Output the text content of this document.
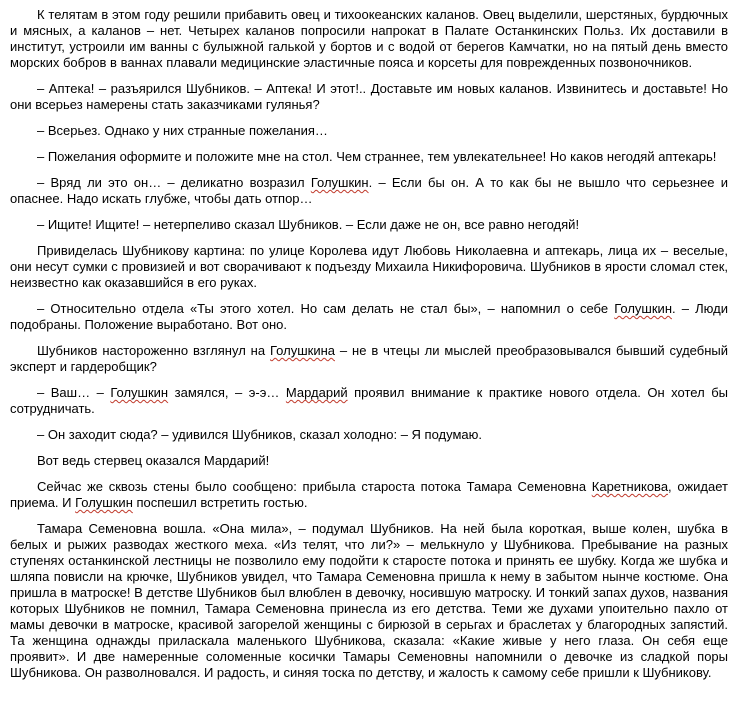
К телятам в этом году решили прибавить овец и тихоокеанских каланов. Овец выделили, шерстяных, бурдючных и мясных, а каланов – нет. Четырех каланов попросили напрокат в Палате Останкинских Польз. Их доставили в институт, устроили им ванны с булыжной галькой у бортов и с водой от берегов Камчатки, но на пятый день вместо морских бобров в ваннах плавали медицинские эластичные пояса и корсеты для поврежденных позвоночников.

– Аптека! – разъярился Шубников. – Аптека! И этот!.. Доставьте им новых каланов. Извинитесь и доставьте! Но они всерьез намерены стать заказчиками гулянья?

– Всерьез. Однако у них странные пожелания…

– Пожелания оформите и положите мне на стол. Чем страннее, тем увлекательнее! Но каков негодяй аптекарь!

– Вряд ли это он… – деликатно возразил Голушкин. – Если бы он. А то как бы не вышло что серьезнее и опаснее. Надо искать глубже, чтобы дать отпор…

– Ищите! Ищите! – нетерпеливо сказал Шубников. – Если даже не он, все равно негодяй!

Привиделась Шубникову картина: по улице Королева идут Любовь Николаевна и аптекарь, лица их – веселые, они несут сумки с провизией и вот сворачивают к подъезду Михаила Никифоровича. Шубников в ярости сломал стек, неизвестно как оказавшийся в его руках.

– Относительно отдела «Ты этого хотел. Но сам делать не стал бы», – напомнил о себе Голушкин. – Люди подобраны. Положение выработано. Вот оно.

Шубников настороженно взглянул на Голушкина – не в чтецы ли мыслей преобразовывался бывший судебный эксперт и гардеробщик?

– Ваш… – Голушкин замялся, – э-э… Мардарий проявил внимание к практике нового отдела. Он хотел бы сотрудничать.

– Он заходит сюда? – удивился Шубников, сказал холодно: – Я подумаю.

Вот ведь стервец оказался Мардарий!

Сейчас же сквозь стены было сообщено: прибыла староста потока Тамара Семеновна Каретникова, ожидает приема. И Голушкин поспешил встретить гостью.

Тамара Семеновна вошла. «Она мила», – подумал Шубников. На ней была короткая, выше колен, шубка в белых и рыжих разводах жесткого меха. «Из телят, что ли?» – мелькнуло у Шубникова. Пребывание на разных ступенях останкинской лестницы не позволило ему подойти к старосте потока и принять ее шубку. Когда же шубка и шляпа повисли на крючке, Шубников увидел, что Тамара Семеновна пришла к нему в забытом нынче костюме. Она пришла в матроске! В детстве Шубников был влюблен в девочку, носившую матроску. И тонкий запах духов, названия которых Шубников не помнил, Тамара Семеновна принесла из его детства. Теми же духами упоительно пахло от мамы девочки в матроске, красивой загорелой женщины с бирюзой в серьгах и браслетах у благородных запястий. Та женщина однажды приласкала маленького Шубникова, сказала: «Какие живые у него глаза. Он себя еще проявит». И две намеренные соломенные косички Тамары Семеновны напомнили о девочке из сладкой поры Шубникова. Он разволновался. И радость, и синяя тоска по детству, и жалость к самому себе пришли к Шубникову.
